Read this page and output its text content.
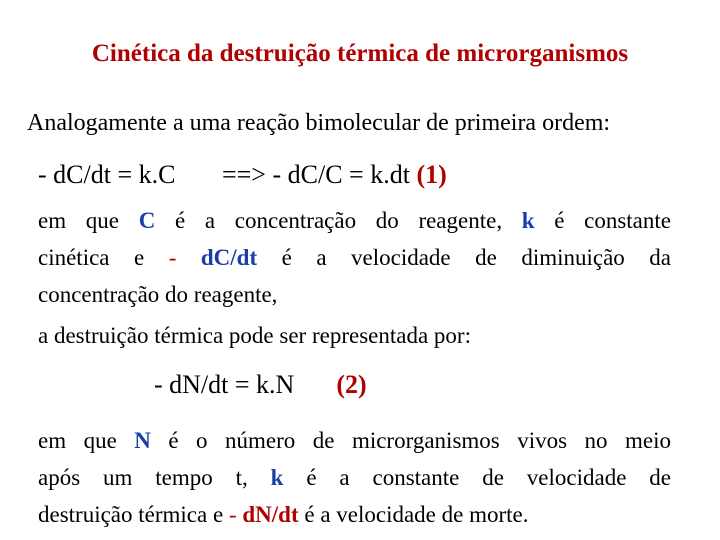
Cinética da destruição térmica de microrganismos
Analogamente a uma reação bimolecular de primeira ordem:
- dC/dt = k.C ==> - dC/C = k.dt (1)
em que C é a concentração do reagente, k é constante
cinética e - dC/dt é a velocidade de diminuição da
concentração do reagente,
a destruição térmica pode ser representada por:
- dN/dt = k.N (2)
em que N é o número de microrganismos vivos no meio
após um tempo t, k é a constante de velocidade de
destruição térmica e - dN/dt é a velocidade de morte.
